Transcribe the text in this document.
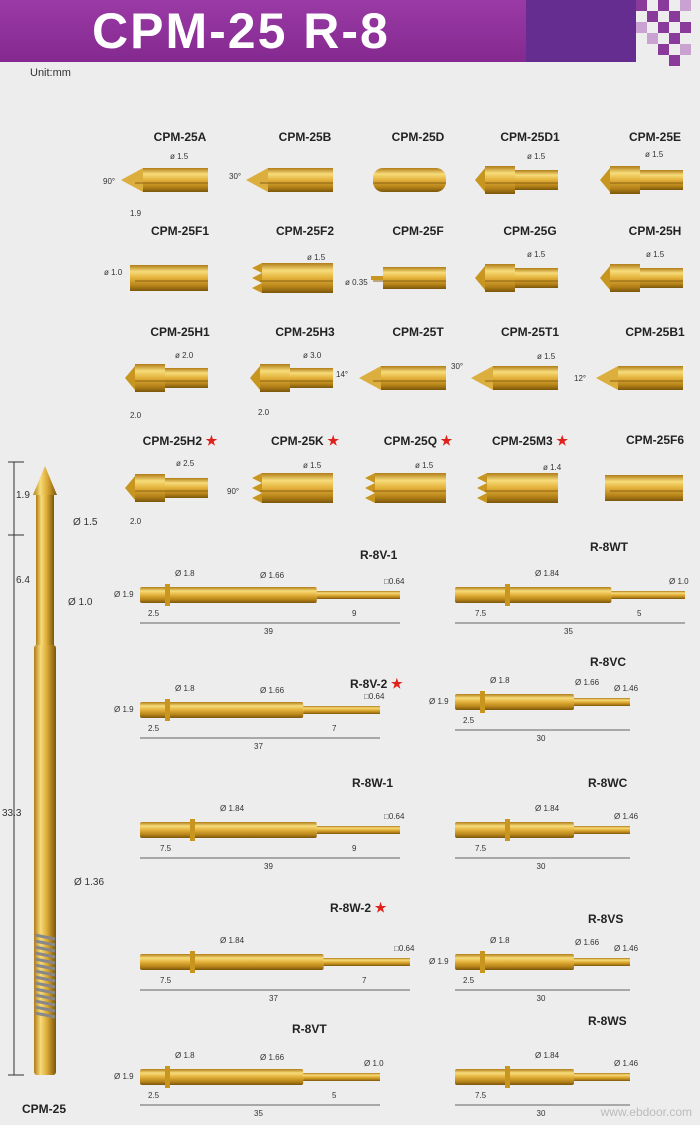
CPM-25 R-8
Unit:mm
CPM-25A	CPM-25B	CPM-25D	CPM-25D1	CPM-25E
CPM-25F1	CPM-25F2	CPM-25F	CPM-25G	CPM-25H
CPM-25H1	CPM-25H3	CPM-25T	CPM-25T1	CPM-25B1
CPM-25H2 ★	CPM-25K ★	CPM-25Q ★	CPM-25M3 ★	CPM-25F6
ø 1.5
90°
1.9
30°
ø 1.5	ø 1.5
ø 1.0
ø 1.5
ø 0.35
ø 1.5	ø 1.5
ø 2.0
2.0
ø 3.0
2.0
14°
ø 1.5
30°
12°
ø 2.5
2.0
ø 1.5
90°
ø 1.5	ø 1.4
1.9
Ø 1.5
6.4
Ø 1.0
33.3
Ø 1.36
CPM-25
R-8V-1
39
Ø 1.9
Ø 1.8	Ø 1.66
□0.64
2.5	9
R-8WT
35
Ø 1.84
Ø 1.0
7.5	5
R-8V-2 ★
37
Ø 1.9
Ø 1.8	Ø 1.66
□0.64
2.5	7
R-8VC
30
Ø 1.9
Ø 1.8	Ø 1.66
Ø 1.46
2.5
R-8W-1
39
Ø 1.84
□0.64
7.5	9
R-8WC
30
Ø 1.84
Ø 1.46
7.5
R-8W-2 ★
37
Ø 1.84
□0.64
7.5	7
R-8VS
30
Ø 1.9
Ø 1.8	Ø 1.66
Ø 1.46
2.5
R-8VT
35
Ø 1.9
Ø 1.8	Ø 1.66
Ø 1.0
2.5	5
R-8WS
30
Ø 1.84
Ø 1.46
7.5
www.ebdoor.com
